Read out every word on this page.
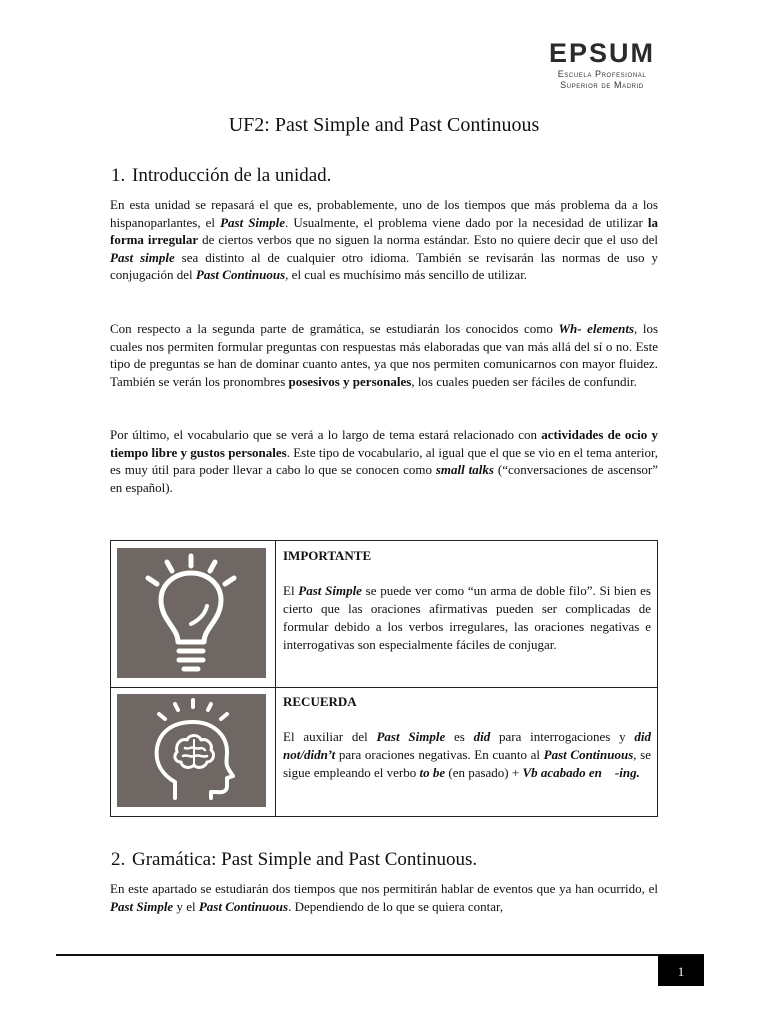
EPSUM
Escuela Profesional
Superior de Madrid
UF2: Past Simple and Past Continuous
1. Introducción de la unidad.
En esta unidad se repasará el que es, probablemente, uno de los tiempos que más problema da a los hispanoparlantes, el Past Simple. Usualmente, el problema viene dado por la necesidad de utilizar la forma irregular de ciertos verbos que no siguen la norma estándar. Esto no quiere decir que el uso del Past simple sea distinto al de cualquier otro idioma. También se revisarán las normas de uso y conjugación del Past Continuous, el cual es muchísimo más sencillo de utilizar.
Con respecto a la segunda parte de gramática, se estudiarán los conocidos como Wh- elements, los cuales nos permiten formular preguntas con respuestas más elaboradas que van más allá del sí o no. Este tipo de preguntas se han de dominar cuanto antes, ya que nos permiten comunicarnos con mayor fluidez. También se verán los pronombres posesivos y personales, los cuales pueden ser fáciles de confundir.
Por último, el vocabulario que se verá a lo largo de tema estará relacionado con actividades de ocio y tiempo libre y gustos personales. Este tipo de vocabulario, al igual que el que se vio en el tema anterior, es muy útil para poder llevar a cabo lo que se conocen como small talks (“conversaciones de ascensor” en español).
IMPORTANTE
El Past Simple se puede ver como “un arma de doble filo”. Si bien es cierto que las oraciones afirmativas pueden ser complicadas de formular debido a los verbos irregulares, las oraciones negativas e interrogativas son especialmente fáciles de conjugar.
RECUERDA
El auxiliar del Past Simple es did para interrogaciones y did not/didn’t para oraciones negativas. En cuanto al Past Continuous, se sigue empleando el verbo to be (en pasado) + Vb acabado en    -ing.
2. Gramática: Past Simple and Past Continuous.
En este apartado se estudiarán dos tiempos que nos permitirán hablar de eventos que ya han ocurrido, el Past Simple y el Past Continuous. Dependiendo de lo que se quiera contar,
1
